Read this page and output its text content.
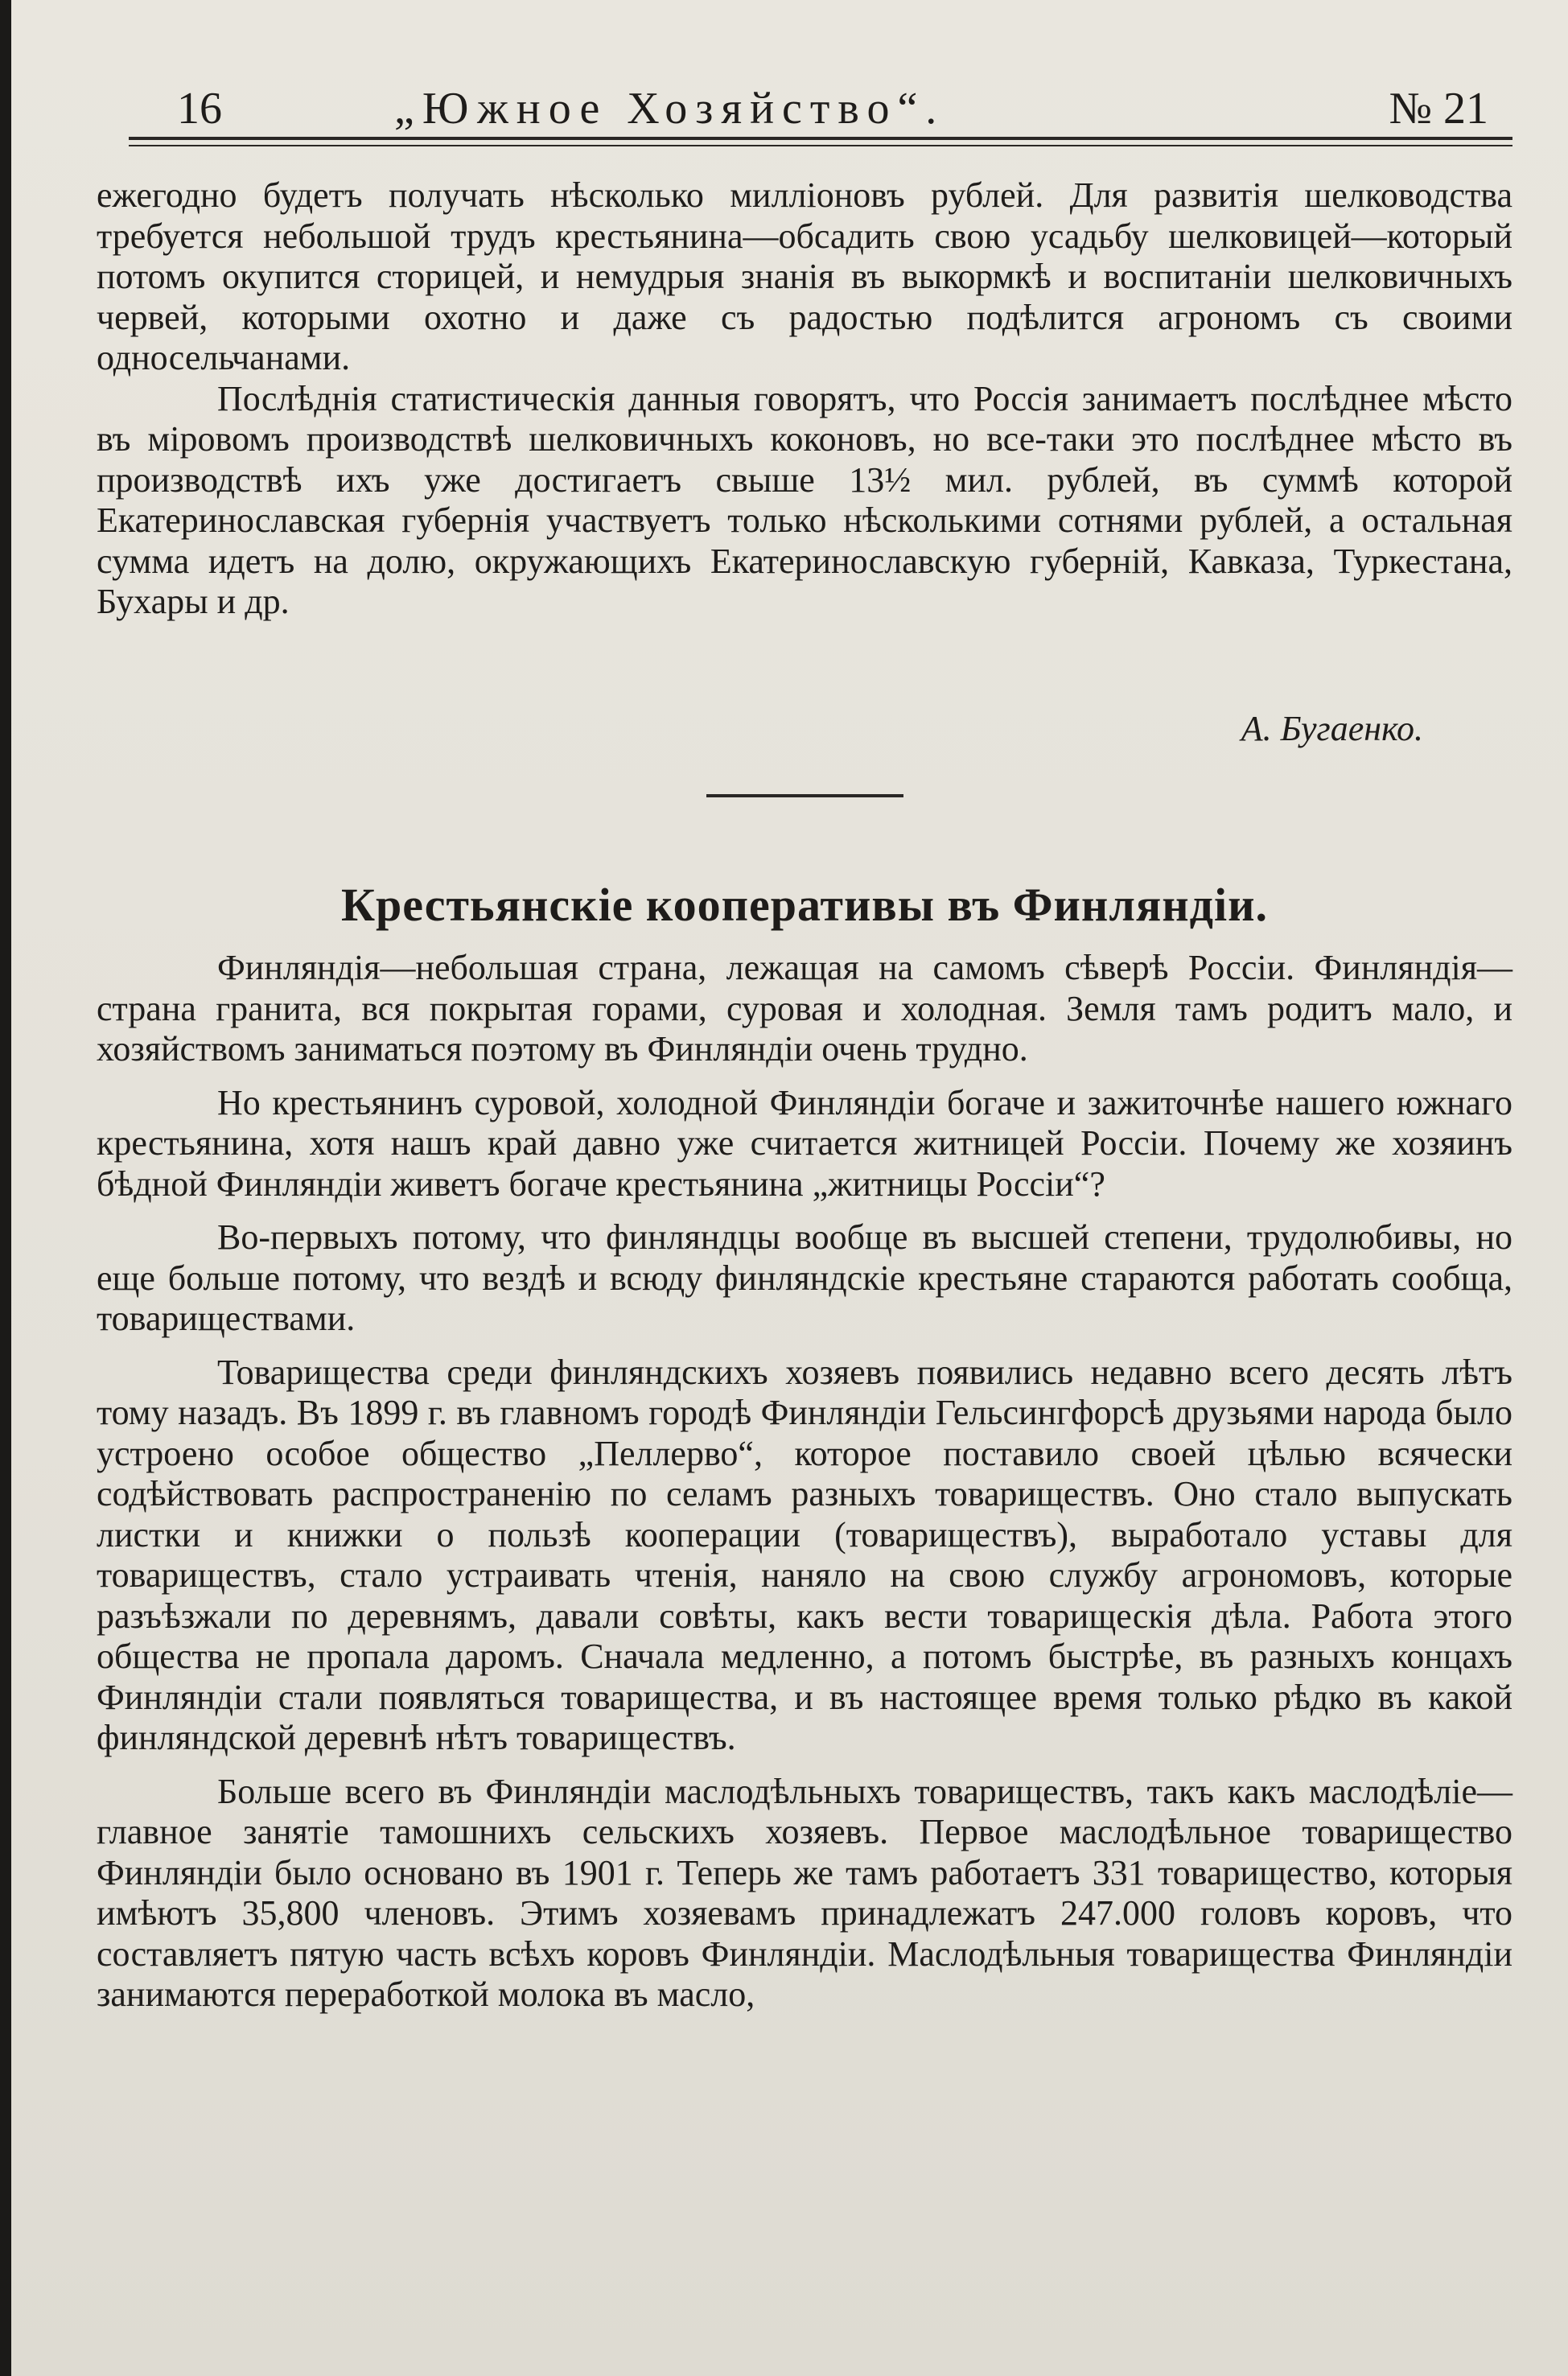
16	„Южное Хозяйство“.	№ 21

ежегодно будетъ получать нѣсколько милліоновъ рублей. Для развитія шелководства требуется небольшой трудъ крестьянина—обсадить свою усадьбу шелковицей—который потомъ окупится сторицей, и немудрыя знанія въ выкормкѣ и воспитаніи шелковичныхъ червей, которыми охотно и даже съ радостью подѣлится агрономъ съ своими односельчанами.

Послѣднія статистическія данныя говорятъ, что Россія занимаетъ послѣднее мѣсто въ міровомъ производствѣ шелковичныхъ коконовъ, но все-таки это послѣднее мѣсто въ производствѣ ихъ уже достигаетъ свыше 13½ мил. рублей, въ суммѣ которой Екатеринославская губернія участвуетъ только нѣсколькими сотнями рублей, а остальная сумма идетъ на долю, окружающихъ Екатеринославскую губерній, Кавказа, Туркестана, Бухары и др.

А. Бугаенко.
Крестьянскіе кооперативы въ Финляндіи.

Финляндія—небольшая страна, лежащая на самомъ сѣверѣ Россіи. Финляндія—страна гранита, вся покрытая горами, суровая и холодная. Земля тамъ родитъ мало, и хозяйствомъ заниматься поэтому въ Финляндіи очень трудно.

Но крестьянинъ суровой, холодной Финляндіи богаче и зажиточнѣе нашего южнаго крестьянина, хотя нашъ край давно уже считается житницей Россіи. Почему же хозяинъ бѣдной Финляндіи живетъ богаче крестьянина „житницы Россіи“?

Во-первыхъ потому, что финляндцы вообще въ высшей степени, трудолюбивы, но еще больше потому, что вездѣ и всюду финляндскіе крестьяне стараются работать сообща, товариществами.

Товарищества среди финляндскихъ хозяевъ появились недавно всего десять лѣтъ тому назадъ. Въ 1899 г. въ главномъ городѣ Финляндіи Гельсингфорсѣ друзьями народа было устроено особое общество „Пеллерво“, которое поставило своей цѣлью всячески содѣйствовать распространенію по селамъ разныхъ товариществъ. Оно стало выпускать листки и книжки о пользѣ кооперации (товариществъ), выработало уставы для товариществъ, стало устраивать чтенія, наняло на свою службу агрономовъ, которые разъѣзжали по деревнямъ, давали совѣты, какъ вести товарищескія дѣла. Работа этого общества не пропала даромъ. Сначала медленно, а потомъ быстрѣе, въ разныхъ концахъ Финляндіи стали появляться товарищества, и въ настоящее время только рѣдко въ какой финляндской деревнѣ нѣтъ товариществъ.

Больше всего въ Финляндіи маслодѣльныхъ товариществъ, такъ какъ маслодѣліе—главное занятіе тамошнихъ сельскихъ хозяевъ. Первое маслодѣльное товарищество Финляндіи было основано въ 1901 г. Теперь же тамъ работаетъ 331 товарищество, которыя имѣютъ 35,800 членовъ. Этимъ хозяевамъ принадлежатъ 247.000 головъ коровъ, что составляетъ пятую часть всѣхъ коровъ Финляндіи. Маслодѣльныя товарищества Финляндіи занимаются переработкой молока въ масло,
